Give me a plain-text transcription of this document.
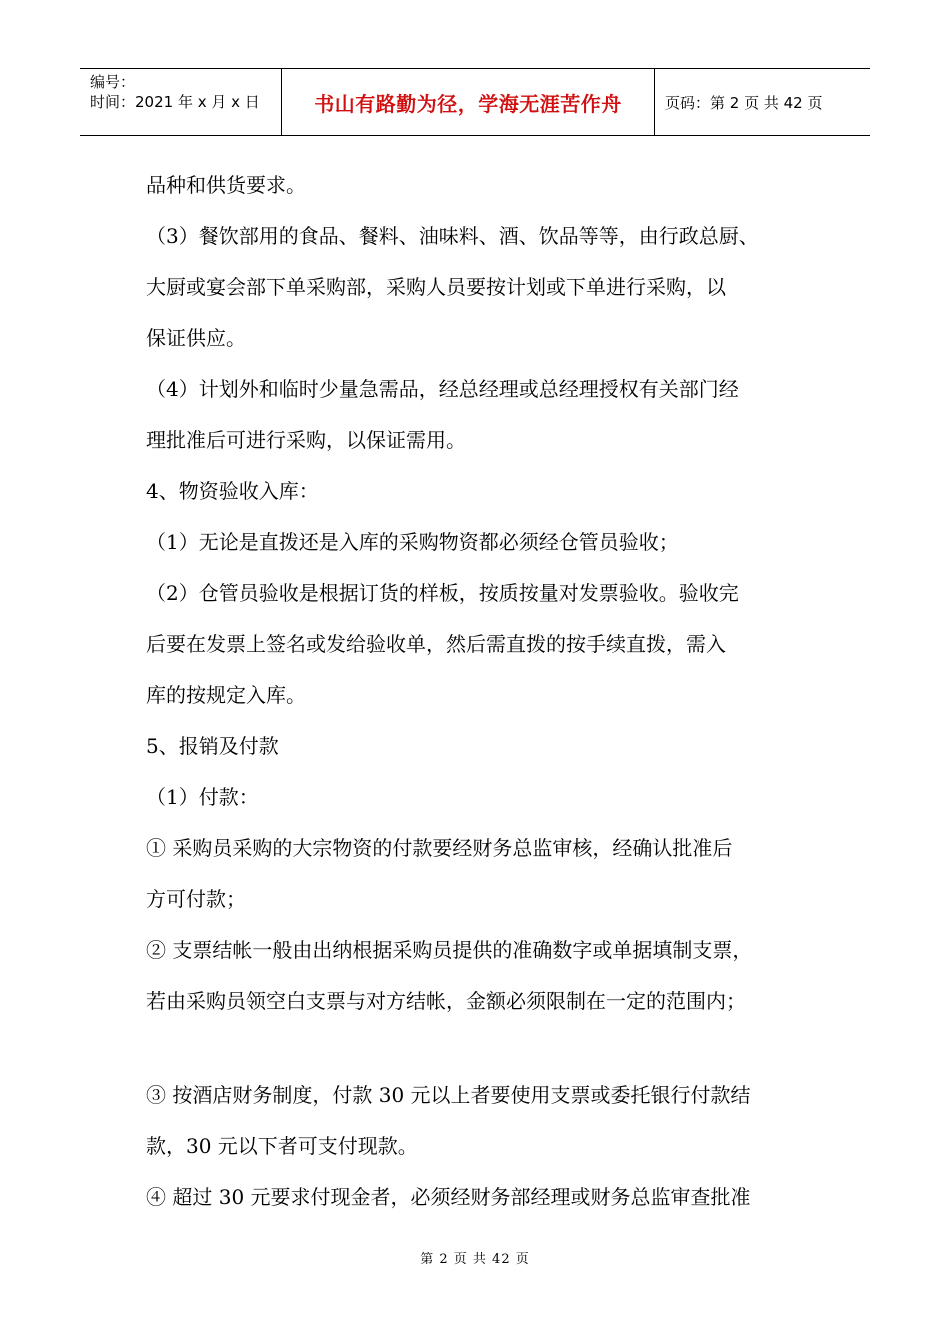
编号：
时间：2021 年 x 月 x 日	书山有路勤为径，学海无涯苦作舟	页码：第 2 页 共 42 页
品种和供货要求。
（3）餐饮部用的食品、餐料、油味料、酒、饮品等等，由行政总厨、
大厨或宴会部下单采购部，采购人员要按计划或下单进行采购，以
保证供应。
（4）计划外和临时少量急需品，经总经理或总经理授权有关部门经
理批准后可进行采购，以保证需用。
4、物资验收入库：
（1）无论是直拨还是入库的采购物资都必须经仓管员验收；
（2）仓管员验收是根据订货的样板，按质按量对发票验收。验收完
后要在发票上签名或发给验收单，然后需直拨的按手续直拨，需入
库的按规定入库。
5、报销及付款
（1）付款：
① 采购员采购的大宗物资的付款要经财务总监审核，经确认批准后
方可付款；
② 支票结帐一般由出纳根据采购员提供的准确数字或单据填制支票，
若由采购员领空白支票与对方结帐，金额必须限制在一定的范围内；
③ 按酒店财务制度，付款 30 元以上者要使用支票或委托银行付款结
款，30 元以下者可支付现款。
④ 超过 30 元要求付现金者，必须经财务部经理或财务总监审查批准
第 2 页 共 42 页
